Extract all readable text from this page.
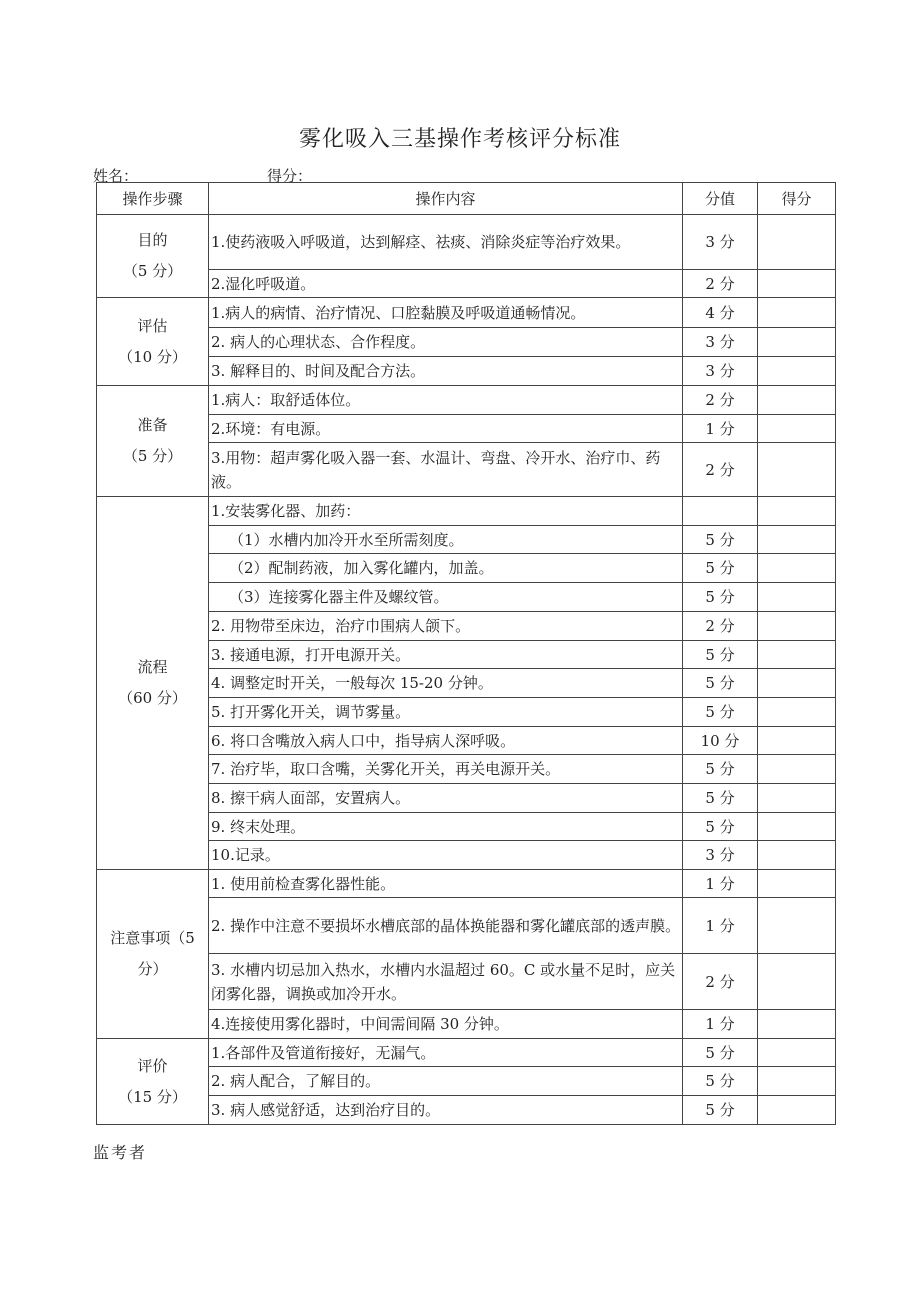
雾化吸入三基操作考核评分标准
姓名：	得分：
操作步骤	操作内容	分值	得分

目的
（5 分）	1.使药液吸入呼吸道，达到解痉、祛痰、消除炎症等治疗效果。	3 分	
	2.湿化呼吸道。	2 分	

评估
（10 分）	1.病人的病情、治疗情况、口腔黏膜及呼吸道通畅情况。	4 分	
	2. 病人的心理状态、合作程度。	3 分	
	3. 解释目的、时间及配合方法。	3 分	

准备
（5 分）	1.病人：取舒适体位。	2 分	
	2.环境：有电源。	1 分	
	3.用物：超声雾化吸入器一套、水温计、弯盘、冷开水、治疗巾、药液。	2 分	

流程
（60 分）	1.安装雾化器、加药：		
	（1）水槽内加冷开水至所需刻度。	5 分	
	（2）配制药液，加入雾化罐内，加盖。	5 分	
	（3）连接雾化器主件及螺纹管。	5 分	
	2. 用物带至床边，治疗巾围病人颌下。	2 分	
	3. 接通电源，打开电源开关。	5 分	
	4. 调整定时开关，一般每次 15-20 分钟。	5 分	
	5. 打开雾化开关，调节雾量。	5 分	
	6. 将口含嘴放入病人口中，指导病人深呼吸。	10 分	
	7. 治疗毕，取口含嘴，关雾化开关，再关电源开关。	5 分	
	8. 擦干病人面部，安置病人。	5 分	
	9. 终末处理。	5 分	
	10.记录。	3 分	

注意事项（5
分）	1. 使用前检查雾化器性能。	1 分	
	2. 操作中注意不要损坏水槽底部的晶体换能器和雾化罐底部的透声膜。	1 分	
	3. 水槽内切忌加入热水，水槽内水温超过 60。C 或水量不足时，应关闭雾化器，调换或加冷开水。	2 分	
	4.连接使用雾化器时，中间需间隔 30 分钟。	1 分	

评价
（15 分）	1.各部件及管道衔接好，无漏气。	5 分	
	2. 病人配合，了解目的。	5 分	
	3. 病人感觉舒适，达到治疗目的。	5 分	
监考者
